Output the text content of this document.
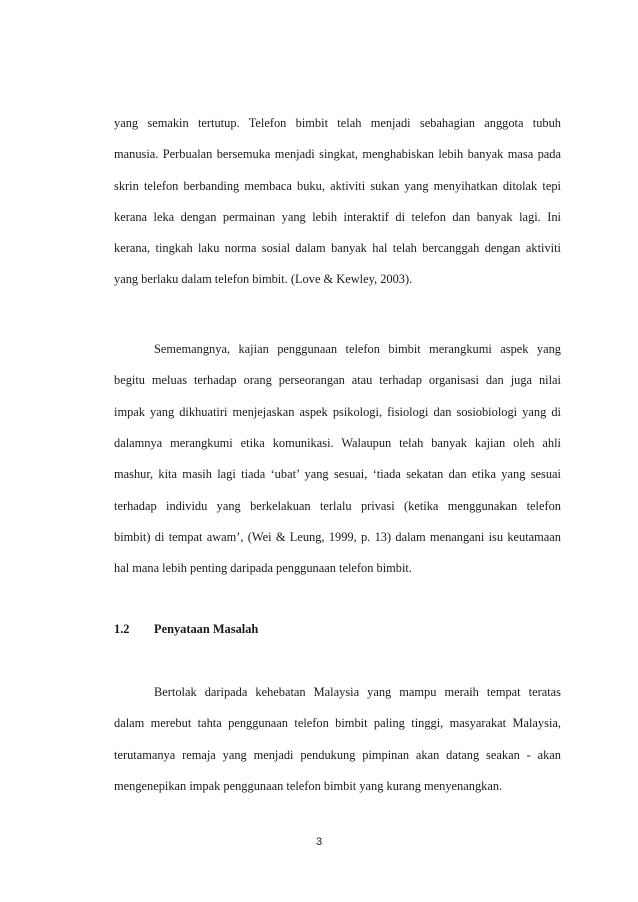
yang semakin tertutup. Telefon bimbit telah menjadi sebahagian anggota tubuh
manusia. Perbualan bersemuka menjadi singkat, menghabiskan lebih banyak masa pada
skrin telefon berbanding membaca buku, aktiviti sukan yang menyihatkan ditolak tepi
kerana leka dengan permainan yang lebih interaktif di telefon dan banyak lagi. Ini
kerana, tingkah laku norma sosial dalam banyak hal telah bercanggah dengan aktiviti
yang berlaku dalam telefon bimbit. (Love & Kewley, 2003).
Sememangnya, kajian penggunaan telefon bimbit merangkumi aspek yang
begitu meluas terhadap orang perseorangan atau terhadap organisasi dan juga nilai
impak yang dikhuatiri menjejaskan aspek psikologi, fisiologi dan sosiobiologi yang di
dalamnya merangkumi etika komunikasi. Walaupun telah banyak kajian oleh ahli
mashur, kita masih lagi tiada ‘ubat’ yang sesuai, ‘tiada sekatan dan etika yang sesuai
terhadap individu yang berkelakuan terlalu privasi (ketika menggunakan telefon
bimbit) di tempat awam’, (Wei & Leung, 1999, p. 13) dalam menangani isu keutamaan
hal mana lebih penting daripada penggunaan telefon bimbit.
1.2 Penyataan Masalah
Bertolak daripada kehebatan Malaysia yang mampu meraih tempat teratas
dalam merebut tahta penggunaan telefon bimbit paling tinggi, masyarakat Malaysia,
terutamanya remaja yang menjadi pendukung pimpinan akan datang seakan - akan
mengenepikan impak penggunaan telefon bimbit yang kurang menyenangkan.
3
